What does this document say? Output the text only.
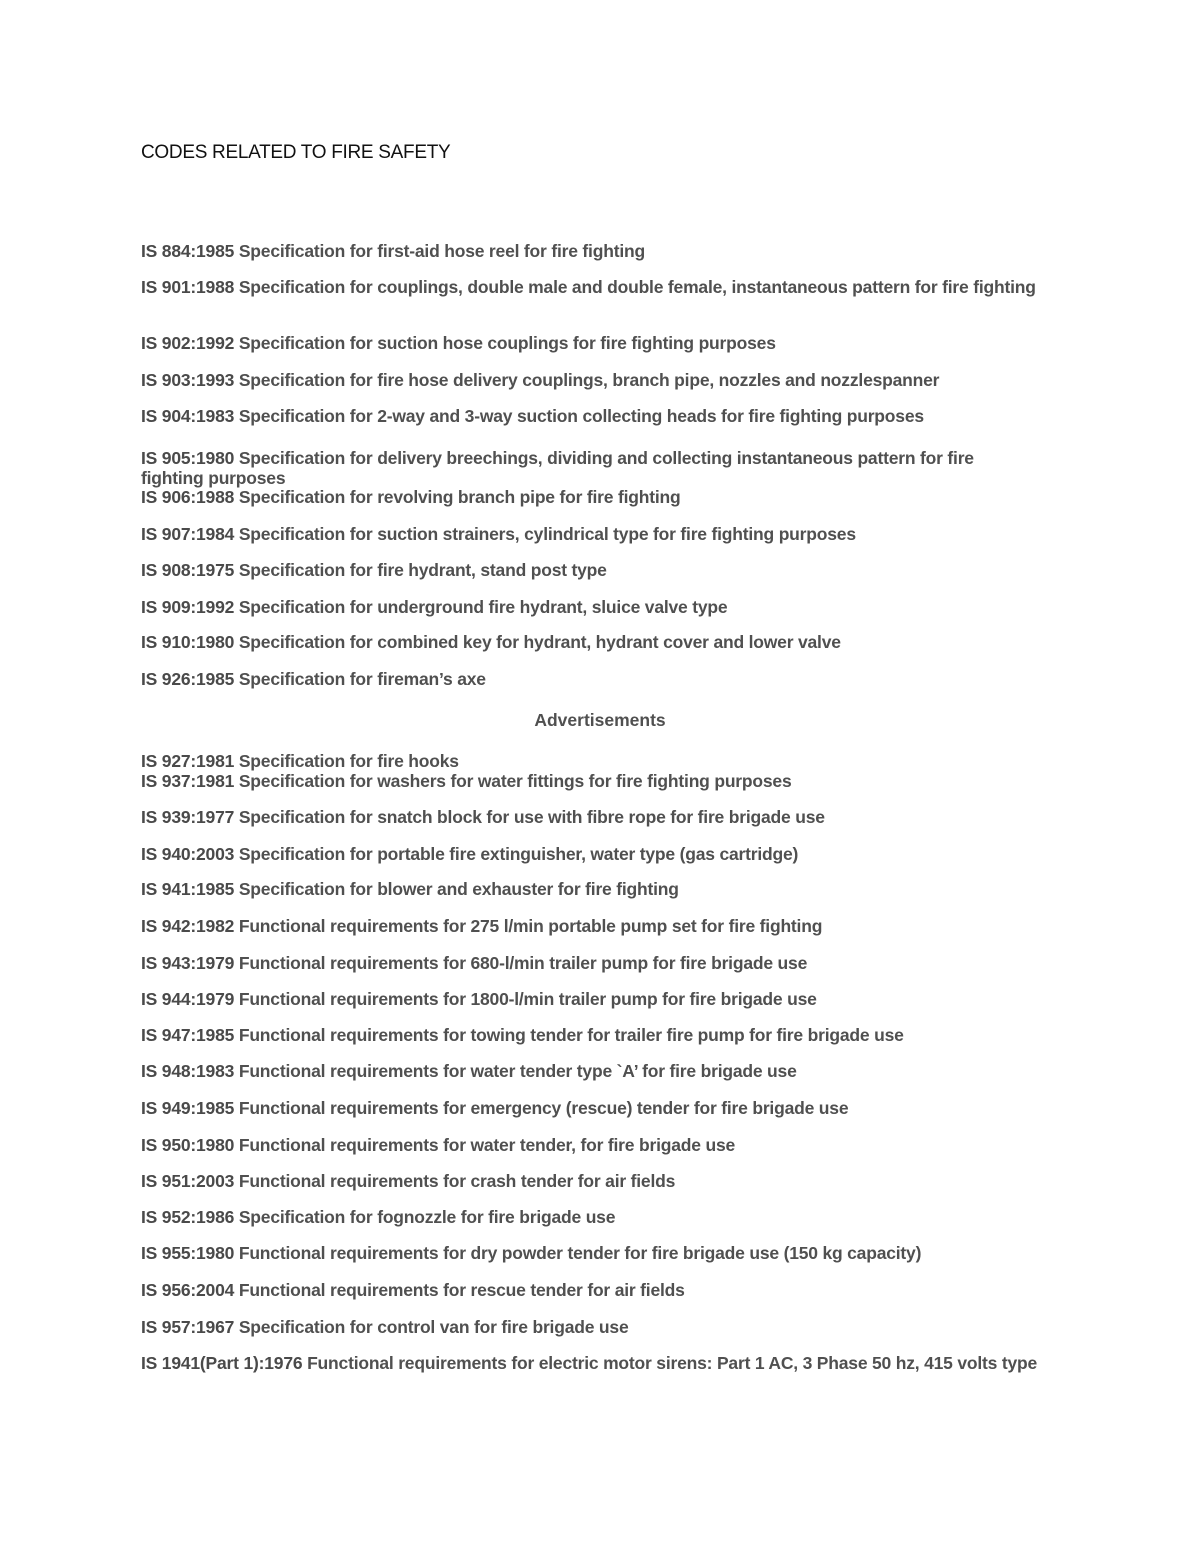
CODES RELATED TO FIRE SAFETY
IS 884:1985 Specification for first-aid hose reel for fire fighting
IS 901:1988 Specification for couplings, double male and double female, instantaneous pattern for fire fighting
IS 902:1992 Specification for suction hose couplings for fire fighting purposes
IS 903:1993 Specification for fire hose delivery couplings, branch pipe, nozzles and nozzlespanner
IS 904:1983 Specification for 2-way and 3-way suction collecting heads for fire fighting purposes
IS 905:1980 Specification for delivery breechings, dividing and collecting instantaneous pattern for fire fighting purposes
IS 906:1988 Specification for revolving branch pipe for fire fighting
IS 907:1984 Specification for suction strainers, cylindrical type for fire fighting purposes
IS 908:1975 Specification for fire hydrant, stand post type
IS 909:1992 Specification for underground fire hydrant, sluice valve type
IS 910:1980 Specification for combined key for hydrant, hydrant cover and lower valve
IS 926:1985 Specification for fireman’s axe
Advertisements
IS 927:1981 Specification for fire hooks
IS 937:1981 Specification for washers for water fittings for fire fighting purposes
IS 939:1977 Specification for snatch block for use with fibre rope for fire brigade use
IS 940:2003 Specification for portable fire extinguisher, water type (gas cartridge)
IS 941:1985 Specification for blower and exhauster for fire fighting
IS 942:1982 Functional requirements for 275 l/min portable pump set for fire fighting
IS 943:1979 Functional requirements for 680-l/min trailer pump for fire brigade use
IS 944:1979 Functional requirements for 1800-l/min trailer pump for fire brigade use
IS 947:1985 Functional requirements for towing tender for trailer fire pump for fire brigade use
IS 948:1983 Functional requirements for water tender type `A’ for fire brigade use
IS 949:1985 Functional requirements for emergency (rescue) tender for fire brigade use
IS 950:1980 Functional requirements for water tender, for fire brigade use
IS 951:2003 Functional requirements for crash tender for air fields
IS 952:1986 Specification for fognozzle for fire brigade use
IS 955:1980 Functional requirements for dry powder tender for fire brigade use (150 kg capacity)
IS 956:2004 Functional requirements for rescue tender for air fields
IS 957:1967 Specification for control van for fire brigade use
IS 1941(Part 1):1976 Functional requirements for electric motor sirens: Part 1 AC, 3 Phase 50 hz, 415 volts type
